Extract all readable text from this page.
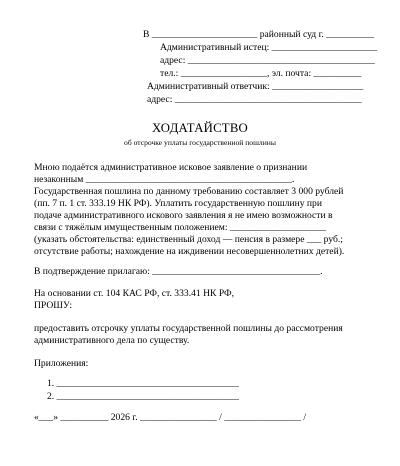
В ______________________ районный суд г. __________
Административный истец: ______________________
адрес: _______________________________________
тел.: __________________, эл. почта: __________
Административный ответчик: ___________________
адрес: _______________________________________
ХОДАТАЙСТВО
об отсрочке уплаты государственной пошлины
Мною подаётся административное исковое заявление о признании
незаконным ___________________________________________.
Государственная пошлина по данному требованию составляет 3 000 рублей
(пп. 7 п. 1 ст. 333.19 НК РФ). Уплатить государственную пошлину при
подаче административного искового заявления я не имею возможности в
связи с тяжёлым имущественным положением: ____________________
(указать обстоятельства: единственный доход — пенсия в размере ___ руб.;
отсутствие работы; нахождение на иждивении несовершеннолетних детей).
В подтверждение прилагаю: ___________________________________.
На основании ст. 104 КАС РФ, ст. 333.41 НК РФ,
ПРОШУ:
предоставить отсрочку уплаты государственной пошлины до рассмотрения
административного дела по существу.
Приложения:
1. ______________________________________
2. ______________________________________
«___» __________ 2026 г. ________________ / ________________ /
